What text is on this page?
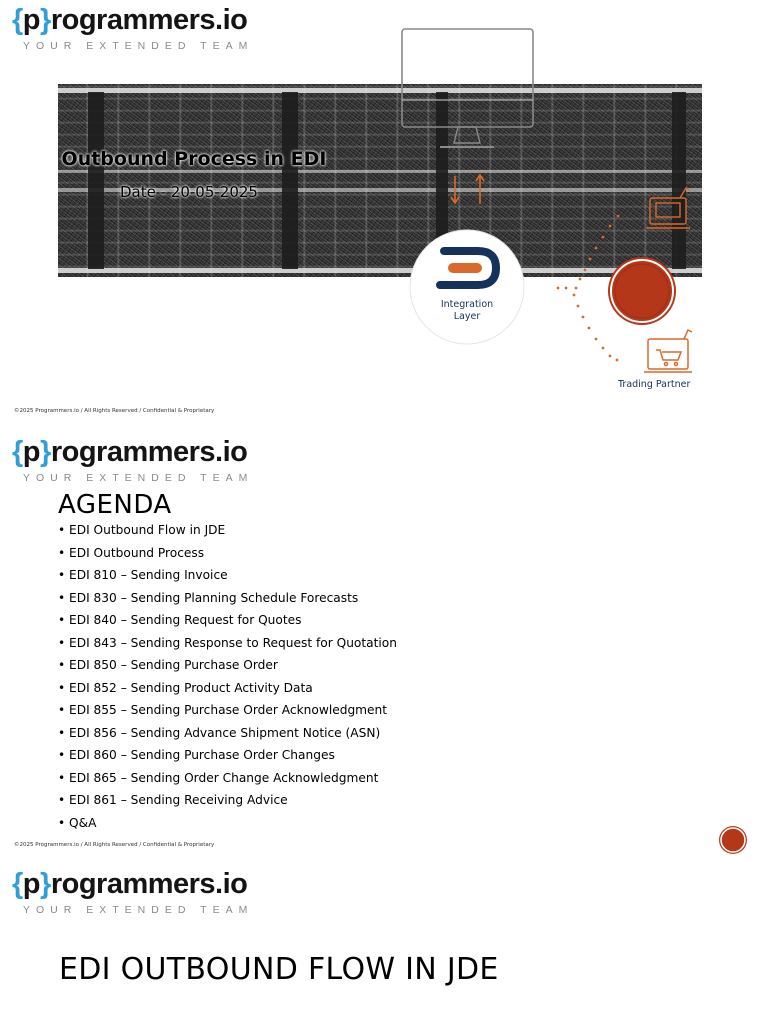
{p}rogrammers.io
YOUR EXTENDED TEAM
Outbound Process in EDI
Date - 20-05-2025
Integration
Layer
Trading Partner
©2025 Programmers.io / All Rights Reserved / Confidential & Proprietary
{p}rogrammers.io
YOUR EXTENDED TEAM
AGENDA
• EDI Outbound Flow in JDE
• EDI Outbound Process
• EDI 810 – Sending Invoice
• EDI 830 – Sending Planning Schedule Forecasts
• EDI 840 – Sending Request for Quotes
• EDI 843 – Sending Response to Request for Quotation
• EDI 850 – Sending Purchase Order
• EDI 852 – Sending Product Activity Data
• EDI 855 – Sending Purchase Order Acknowledgment
• EDI 856 – Sending Advance Shipment Notice (ASN)
• EDI 860 – Sending Purchase Order Changes
• EDI 865 – Sending Order Change Acknowledgment
• EDI 861 – Sending Receiving Advice
• Q&A
©2025 Programmers.io / All Rights Reserved / Confidential & Proprietary
{p}rogrammers.io
YOUR EXTENDED TEAM
EDI OUTBOUND FLOW IN JDE
